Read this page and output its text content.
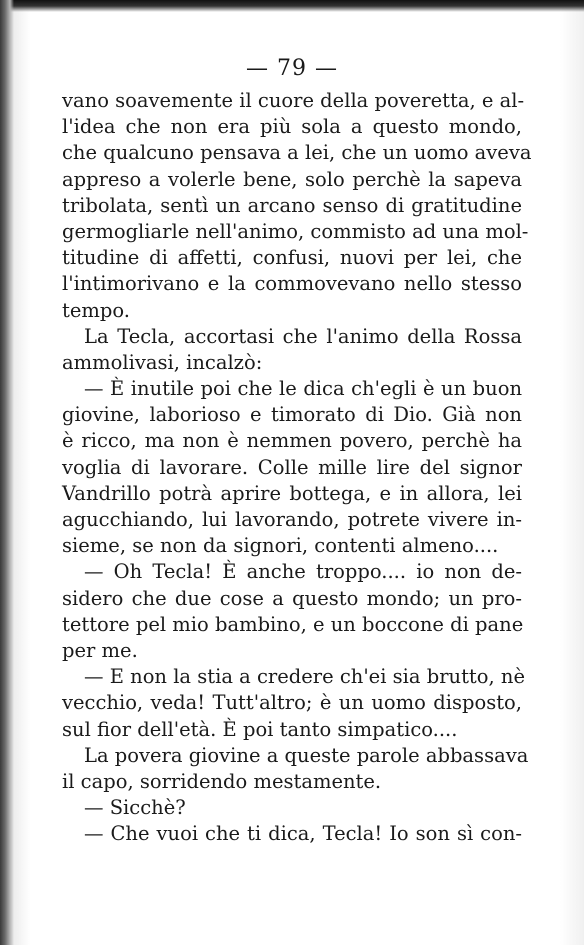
— 79 —
vano soavemente il cuore della poveretta, e al-
l'idea che non era più sola a questo mondo,
che qualcuno pensava a lei, che un uomo aveva
appreso a volerle bene, solo perchè la sapeva
tribolata, sentì un arcano senso di gratitudine
germogliarle nell'animo, commisto ad una mol-
titudine di affetti, confusi, nuovi per lei, che
l'intimorivano e la commovevano nello stesso
tempo.
La Tecla, accortasi che l'animo della Rossa
ammolivasi, incalzò:
— È inutile poi che le dica ch'egli è un buon
giovine, laborioso e timorato di Dio. Già non
è ricco, ma non è nemmen povero, perchè ha
voglia di lavorare. Colle mille lire del signor
Vandrillo potrà aprire bottega, e in allora, lei
agucchiando, lui lavorando, potrete vivere in-
sieme, se non da signori, contenti almeno....
— Oh Tecla! È anche troppo.... io non de-
sidero che due cose a questo mondo; un pro-
tettore pel mio bambino, e un boccone di pane
per me.
— E non la stia a credere ch'ei sia brutto, nè
vecchio, veda! Tutt'altro; è un uomo disposto,
sul fior dell'età. È poi tanto simpatico....
La povera giovine a queste parole abbassava
il capo, sorridendo mestamente.
— Sicchè?
— Che vuoi che ti dica, Tecla! Io son sì con-
